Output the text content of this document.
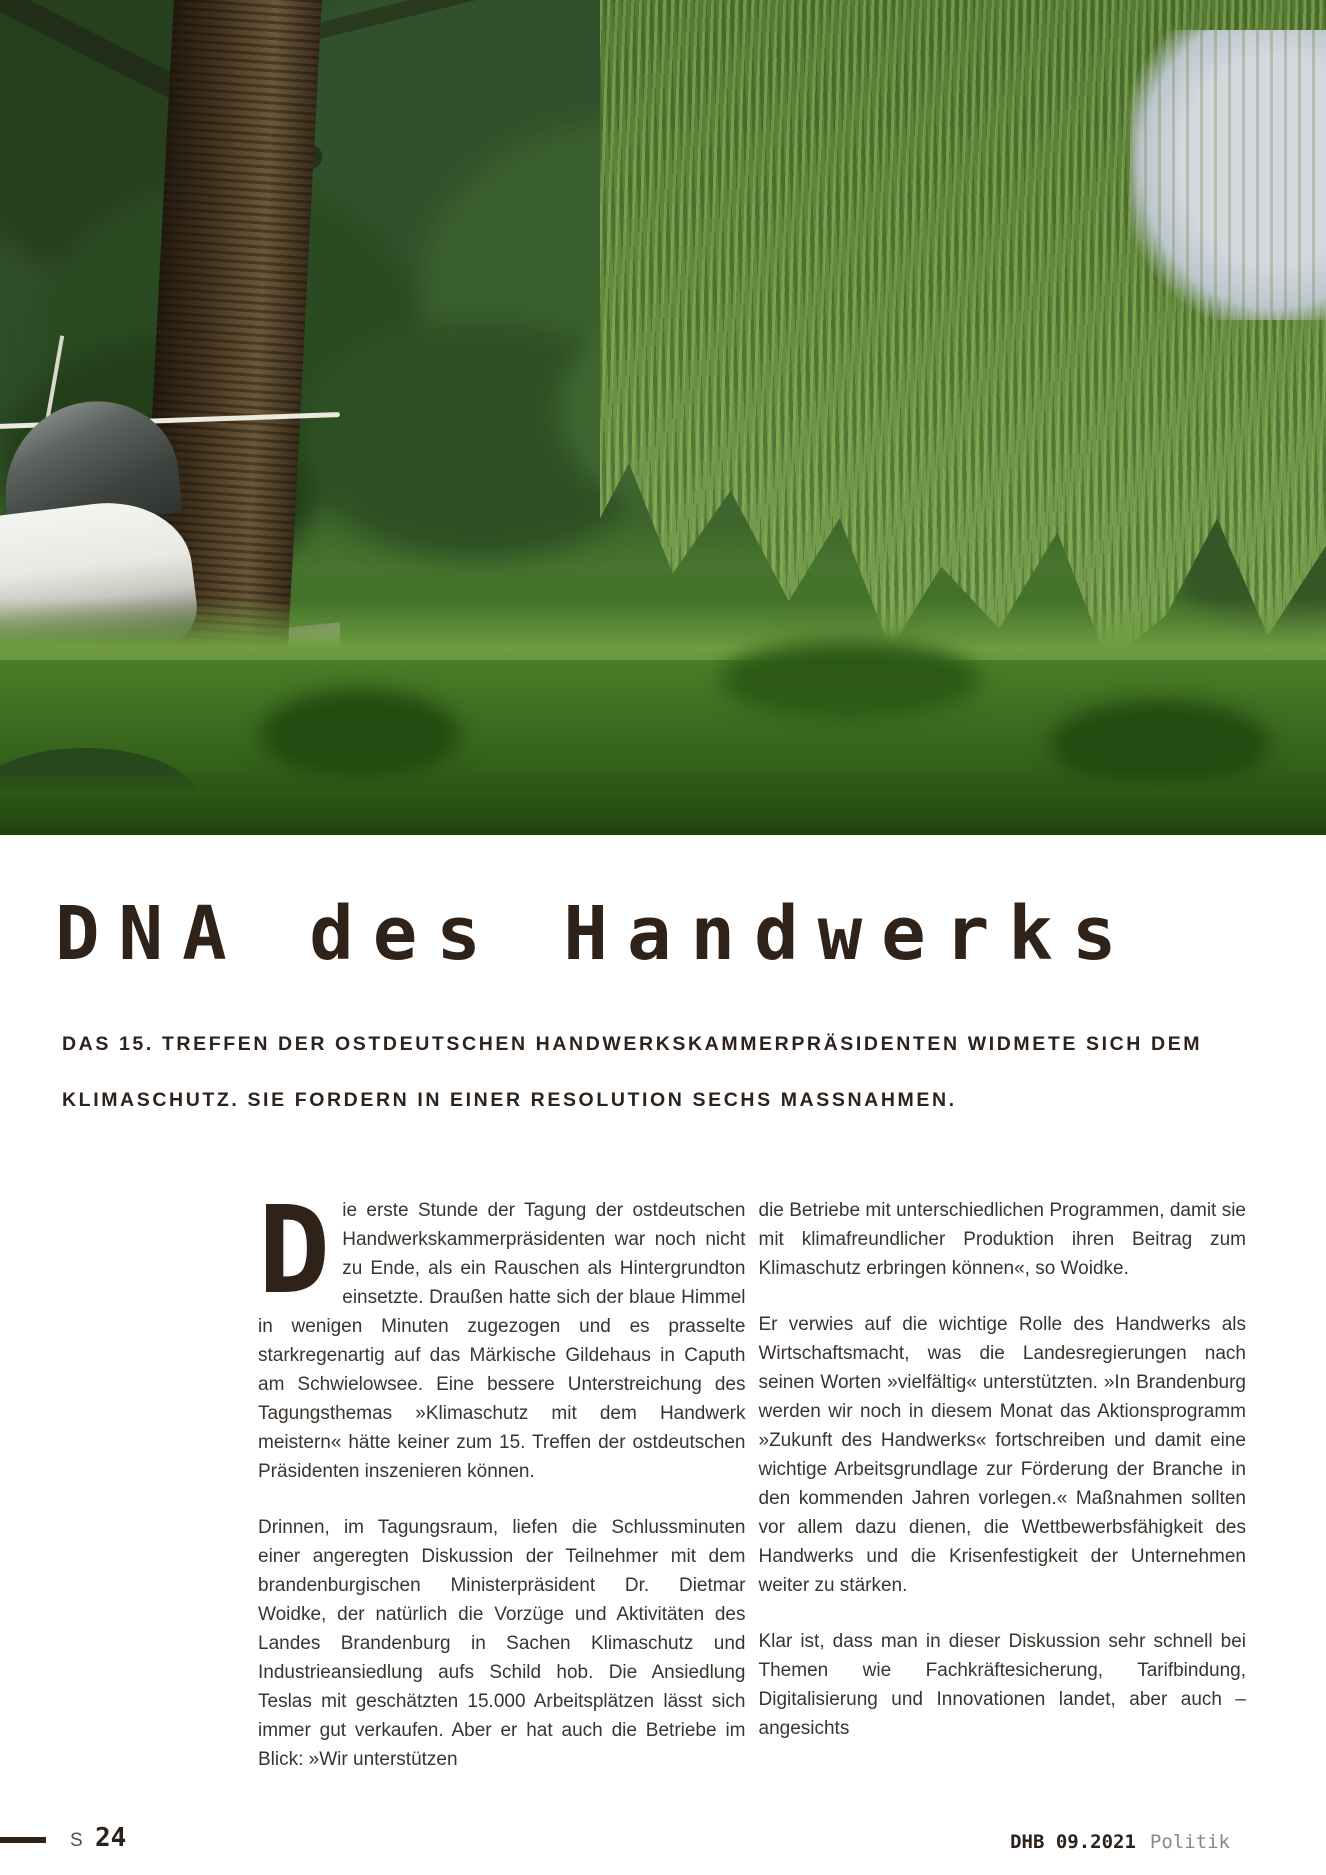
DNA des Handwerks
DAS 15. TREFFEN DER OSTDEUTSCHEN HANDWERKSKAMMERPRÄSIDENTEN WIDMETE SICH DEM
KLIMASCHUTZ. SIE FORDERN IN EINER RESOLUTION SECHS MASSNAHMEN.

Die erste Stunde der Tagung der ostdeutschen Handwerkskammerpräsidenten war noch nicht zu Ende, als ein Rauschen als Hintergrundton einsetzte. Draußen hatte sich der blaue Himmel in wenigen Minuten zugezogen und es prasselte starkregenartig auf das Märkische Gildehaus in Caputh am Schwielowsee. Eine bessere Unterstreichung des Tagungsthemas »Klimaschutz mit dem Handwerk meistern« hätte keiner zum 15. Treffen der ostdeutschen Präsidenten inszenieren können.

Drinnen, im Tagungsraum, liefen die Schlussminuten einer angeregten Diskussion der Teilnehmer mit dem brandenburgischen Ministerpräsident Dr. Dietmar Woidke, der natürlich die Vorzüge und Aktivitäten des Landes Brandenburg in Sachen Klimaschutz und Industrieansiedlung aufs Schild hob. Die Ansiedlung Teslas mit geschätzten 15.000 Arbeitsplätzen lässt sich immer gut verkaufen. Aber er hat auch die Betriebe im Blick: »Wir unterstützen

die Betriebe mit unterschiedlichen Programmen, damit sie mit klimafreundlicher Produktion ihren Beitrag zum Klimaschutz erbringen können«, so Woidke.

Er verwies auf die wichtige Rolle des Handwerks als Wirtschaftsmacht, was die Landesregierungen nach seinen Worten »vielfältig« unterstützten. »In Brandenburg werden wir noch in diesem Monat das Aktionsprogramm »Zukunft des Handwerks« fortschreiben und damit eine wichtige Arbeitsgrundlage zur Förderung der Branche in den kommenden Jahren vorlegen.« Maßnahmen sollten vor allem dazu dienen, die Wettbewerbsfähigkeit des Handwerks und die Krisenfestigkeit der Unternehmen weiter zu stärken.

Klar ist, dass man in dieser Diskussion sehr schnell bei Themen wie Fachkräftesicherung, Tarifbindung, Digitalisierung und Innovationen landet, aber auch – angesichts

S 24	DHB 09.2021 Politik
